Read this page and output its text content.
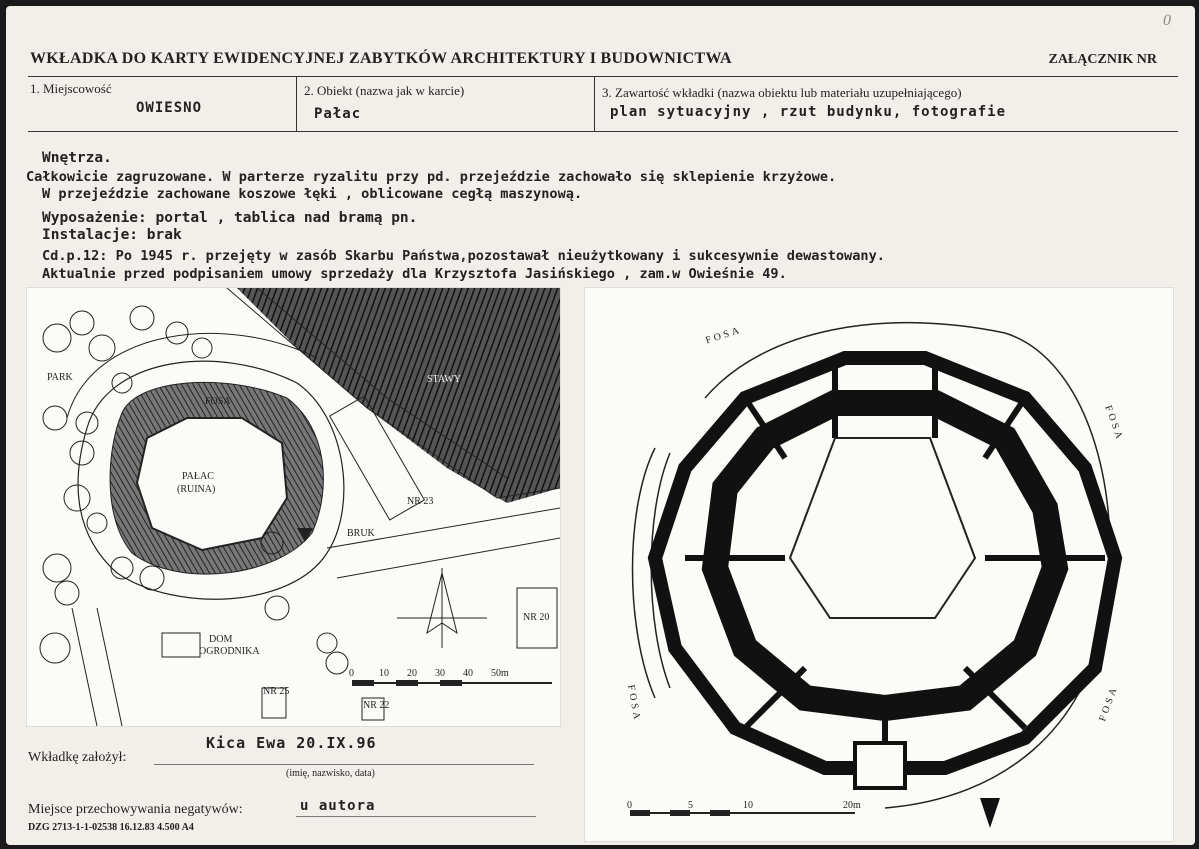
0
WKŁADKA DO KARTY EWIDENCYJNEJ ZABYTKÓW ARCHITEKTURY I BUDOWNICTWA	ZAŁĄCZNIK NR
1. Miejscowość
OWIESNO
2. Obiekt (nazwa jak w karcie)
Pałac
3. Zawartość wkładki (nazwa obiektu lub materiału uzupełniającego)
plan sytuacyjny , rzut budynku, fotografie
Wnętrza.
Całkowicie zagruzowane. W parterze ryzalitu przy pd. przejeździe zachowało się sklepienie krzyżowe.
W przejeździe zachowane koszowe łęki , oblicowane cegłą maszynową.
Wyposażenie: portal , tablica nad bramą pn.
Instalacje: brak
Cd.p.12: Po 1945 r. przejęty w zasób Skarbu Państwa,pozostawał nieużytkowany i sukcesywnie dewastowany.
Aktualnie przed podpisaniem umowy sprzedaży dla Krzysztofa Jasińskiego , zam.w Owieśnie 49.
PARK
FOSA
STAWY
PAŁAC
(RUINA)
BRUK
NR 23
NR 20
NR 25
NR 22
DOM
OGRODNIKA
0	10 20 30 40 50m
FOSA
FOSA
FOSA	FOSA
0	5	10	20m
Wkładkę założył:
Kica Ewa 20.IX.96
(imię, nazwisko, data)
Miejsce przechowywania negatywów:	u autora
DZG 2713-1-1-02538 16.12.83 4.500 A4
